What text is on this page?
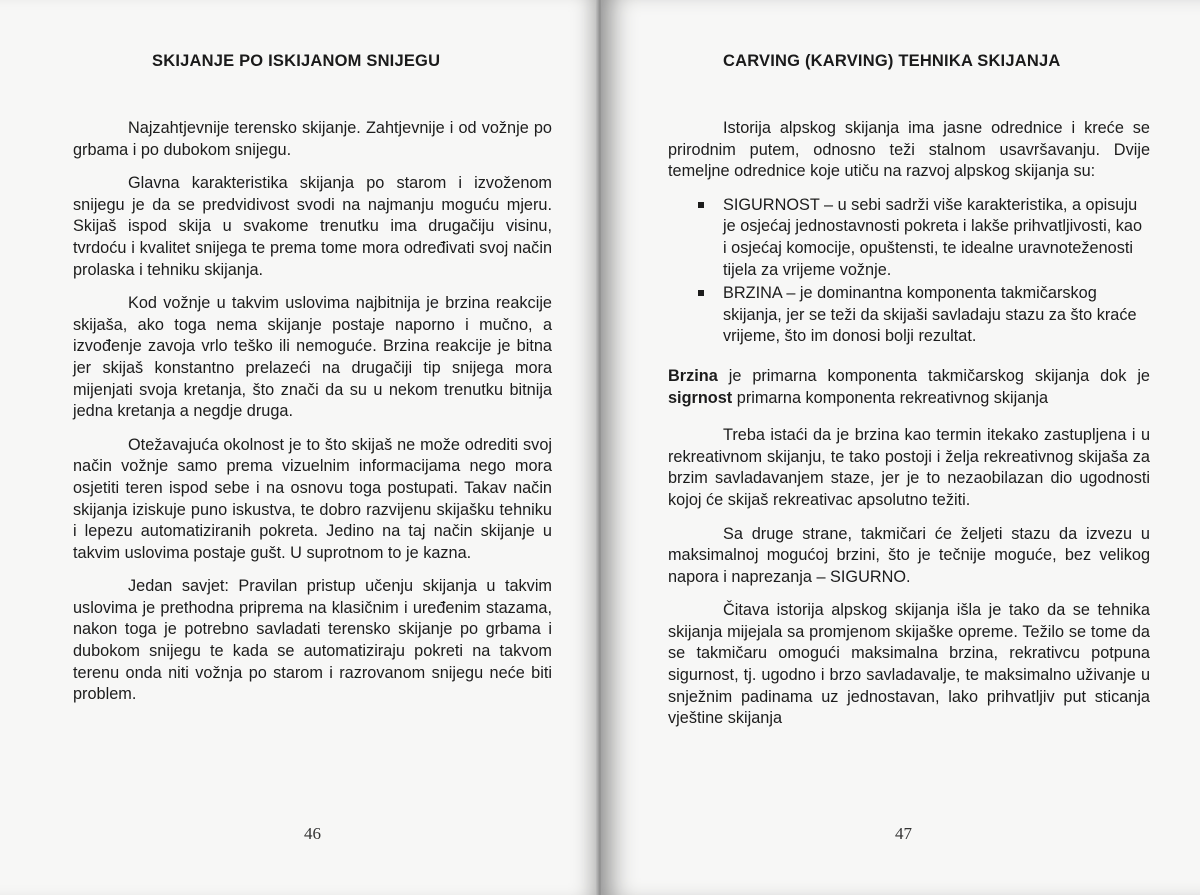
SKIJANJE PO ISKIJANOM SNIJEGU

Najzahtjevnije terensko skijanje. Zahtjevnije i od vožnje po grbama i po dubokom snijegu.

Glavna karakteristika skijanja po starom i izvoženom snijegu je da se predvidivost svodi na najmanju moguću mjeru. Skijaš ispod skija u svakome trenutku ima drugačiju visinu, tvrdoću i kvalitet snijega te prema tome mora određivati svoj način prolaska i tehniku skijanja.

Kod vožnje u takvim uslovima najbitnija je brzina reakcije skijaša, ako toga nema skijanje postaje naporno i mučno, a izvođenje zavoja vrlo teško ili nemoguće. Brzina reakcije je bitna jer skijaš konstantno prelazeći na drugačiji tip snijega mora mijenjati svoja kretanja, što znači da su u nekom trenutku bitnija jedna kretanja a negdje druga.

Otežavajuća okolnost je to što skijaš ne može odrediti svoj način vožnje samo prema vizuelnim informacijama nego mora osjetiti teren ispod sebe i na osnovu toga postupati. Takav način skijanja iziskuje puno iskustva, te dobro razvijenu skijašku tehniku i lepezu automatiziranih pokreta. Jedino na taj način skijanje u takvim uslovima postaje gušt. U suprotnom to je kazna.

Jedan savjet: Pravilan pristup učenju skijanja u takvim uslovima je prethodna priprema na klasičnim i uređenim stazama, nakon toga je potrebno savladati terensko skijanje po grbama i dubokom snijegu te kada se automatiziraju pokreti na takvom terenu onda niti vožnja po starom i razrovanom snijegu neće biti problem.

46
CARVING (KARVING) TEHNIKA SKIJANJA

Istorija alpskog skijanja ima jasne odrednice i kreće se prirodnim putem, odnosno teži stalnom usavršavanju. Dvije temeljne odrednice koje utiču na razvoj alpskog skijanja su:

SIGURNOST – u sebi sadrži više karakteristika, a opisuju je osjećaj jednostavnosti pokreta i lakše prihvatljivosti, kao i osjećaj komocije, opuštensti, te idealne uravnoteženosti tijela za vrijeme vožnje.
BRZINA – je dominantna komponenta takmičarskog skijanja, jer se teži da skijaši savladaju stazu za što kraće vrijeme, što im donosi bolji rezultat.

Brzina je primarna komponenta takmičarskog skijanja dok je sigrnost primarna komponenta rekreativnog skijanja

Treba istaći da je brzina kao termin itekako zastupljena i u rekreativnom skijanju, te tako postoji i želja rekreativnog skijaša za brzim savladavanjem staze, jer je to nezaobilazan dio ugodnosti kojoj će skijaš rekreativac apsolutno težiti.

Sa druge strane, takmičari će željeti stazu da izvezu u maksimalnoj mogućoj brzini, što je tečnije moguće, bez velikog napora i naprezanja – SIGURNO.

Čitava istorija alpskog skijanja išla je tako da se tehnika skijanja mijejala sa promjenom skijaške opreme. Težilo se tome da se takmičaru omogući maksimalna brzina, rekrativcu potpuna sigurnost, tj. ugodno i brzo savladavalje, te maksimalno uživanje u snježnim padinama uz jednostavan, lako prihvatljiv put sticanja vještine skijanja

47
